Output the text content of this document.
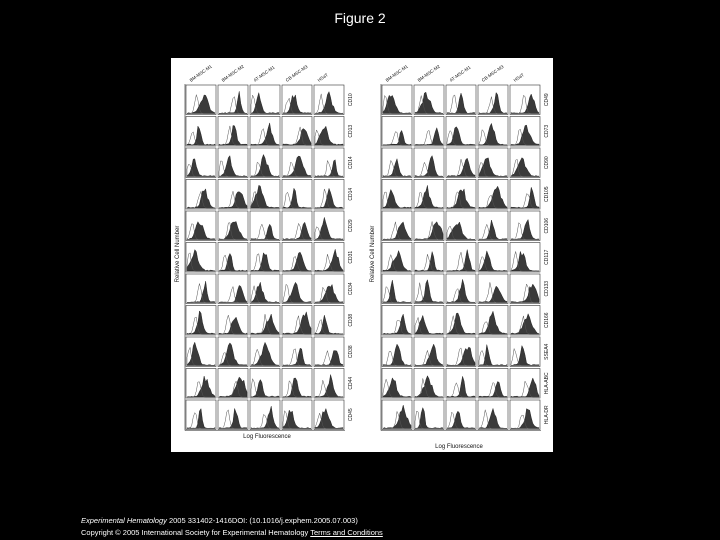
Figure 2
BM-MSC-M1 BM-MSC-M2 AT-MSC-M1 CB-MSC-M3 HSaT
CD10
CD13
CD14
CD14
CD29
CD31
CD34
CD38
CD38
CD44
CD45
BM-MSC-M1 BM-MSC-M2 AT-MSC-M1 CB-MSC-M3 HSaT
CD49
CD73
CD90
CD105
CD106
CD117
CD133
CD166
SSEA4
HLA-ABC
HLA-DR
Relative Cell Number	Relative Cell Number
Log Fluorescence
Log Fluorescence
Experimental Hematology 2005 331402-1416DOI: (10.1016/j.exphem.2005.07.003)
Copyright © 2005 International Society for Experimental Hematology Terms and Conditions
